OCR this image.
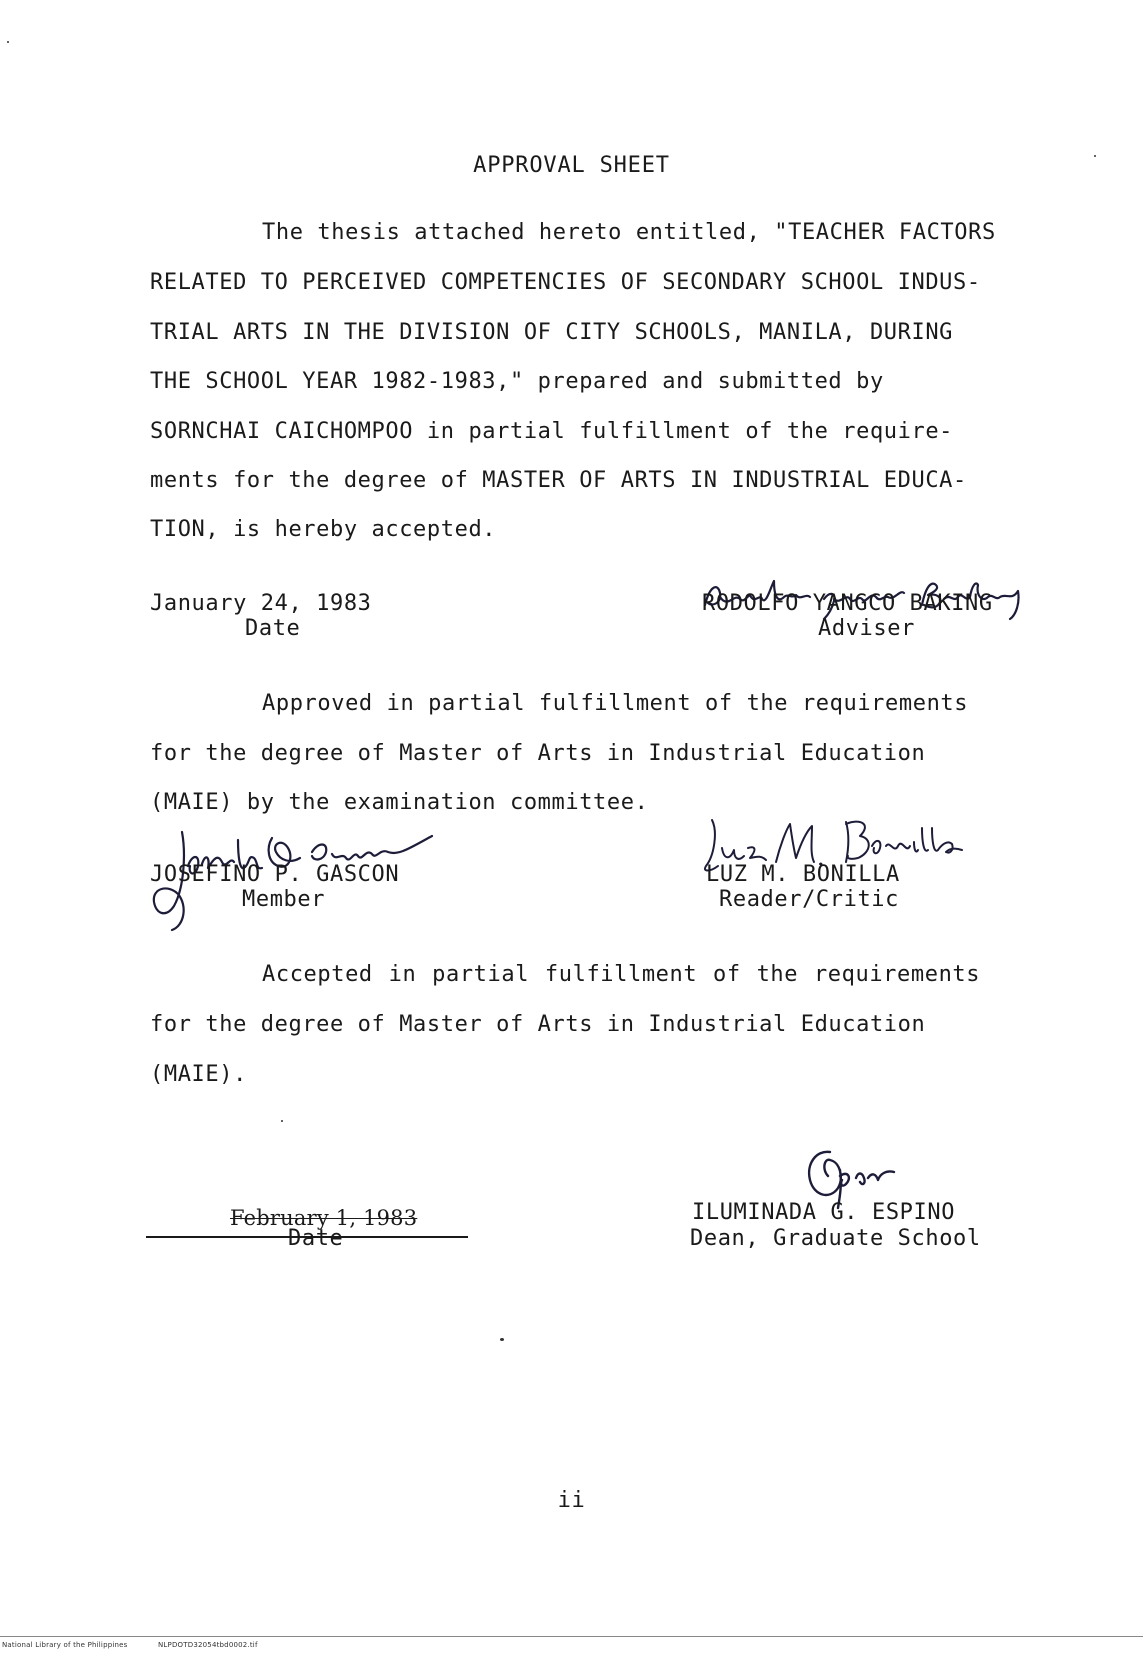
APPROVAL SHEET
The thesis attached hereto entitled, "TEACHER FACTORS
RELATED TO PERCEIVED COMPETENCIES OF SECONDARY SCHOOL INDUS-
TRIAL ARTS IN THE DIVISION OF CITY SCHOOLS, MANILA, DURING
THE SCHOOL YEAR 1982-1983," prepared and submitted by
SORNCHAI CAICHOMPOO in partial fulfillment of the require-
ments for the degree of MASTER OF ARTS IN INDUSTRIAL EDUCA-
TION, is hereby accepted.
January 24, 1983
Date
RODOLFO YANGCO BAKING
Adviser
Approved in partial fulfillment of the requirements
for the degree of Master of Arts in Industrial Education
(MAIE) by the examination committee.
JOSEFINO P. GASCON
Member
LUZ M. BONILLA
Reader/Critic
Accepted in partial fulfillment of the requirements
for the degree of Master of Arts in Industrial Education
(MAIE).
February 1, 1983
Date
ILUMINADA G. ESPINO
Dean, Graduate School
ii
National Library of the Philippines	NLPDOTD32054tbd0002.tif
